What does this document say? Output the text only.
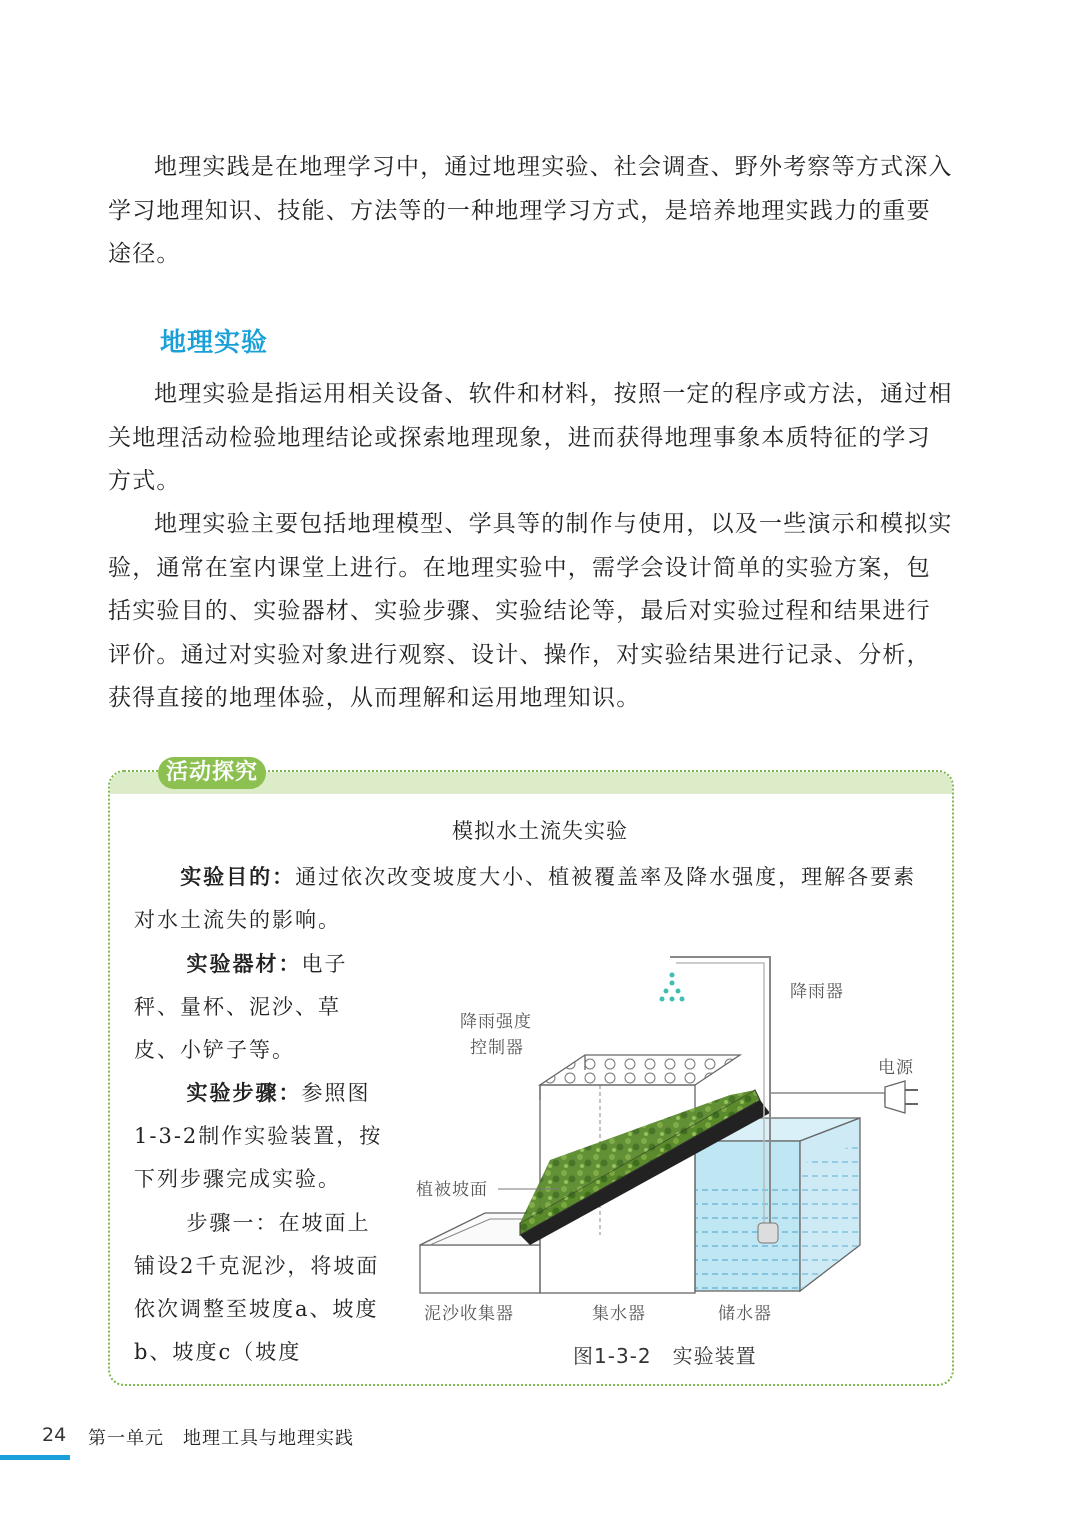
地理实践是在地理学习中，通过地理实验、社会调查、野外考察等方式深入学习地理知识、技能、方法等的一种地理学习方式，是培养地理实践力的重要途径。

地理实验

地理实验是指运用相关设备、软件和材料，按照一定的程序或方法，通过相关地理活动检验地理结论或探索地理现象，进而获得地理事象本质特征的学习方式。

地理实验主要包括地理模型、学具等的制作与使用，以及一些演示和模拟实验，通常在室内课堂上进行。在地理实验中，需学会设计简单的实验方案，包括实验目的、实验器材、实验步骤、实验结论等，最后对实验过程和结果进行评价。通过对实验对象进行观察、设计、操作，对实验结果进行记录、分析，获得直接的地理体验，从而理解和运用地理知识。

活动探究
模拟水土流失实验

实验目的：通过依次改变坡度大小、植被覆盖率及降水强度，理解各要素对水土流失的影响。

实验器材：电子秤、量杯、泥沙、草皮、小铲子等。

实验步骤：参照图1-3-2制作实验装置，按下列步骤完成实验。

步骤一：在坡面上铺设2千克泥沙，将坡面依次调整至坡度a、坡度b、坡度c（坡度

降雨强度
控制器
降雨器
电源
植被坡面
泥沙收集器	集水器	储水器
图1-3-2　实验装置
24 第一单元　地理工具与地理实践
